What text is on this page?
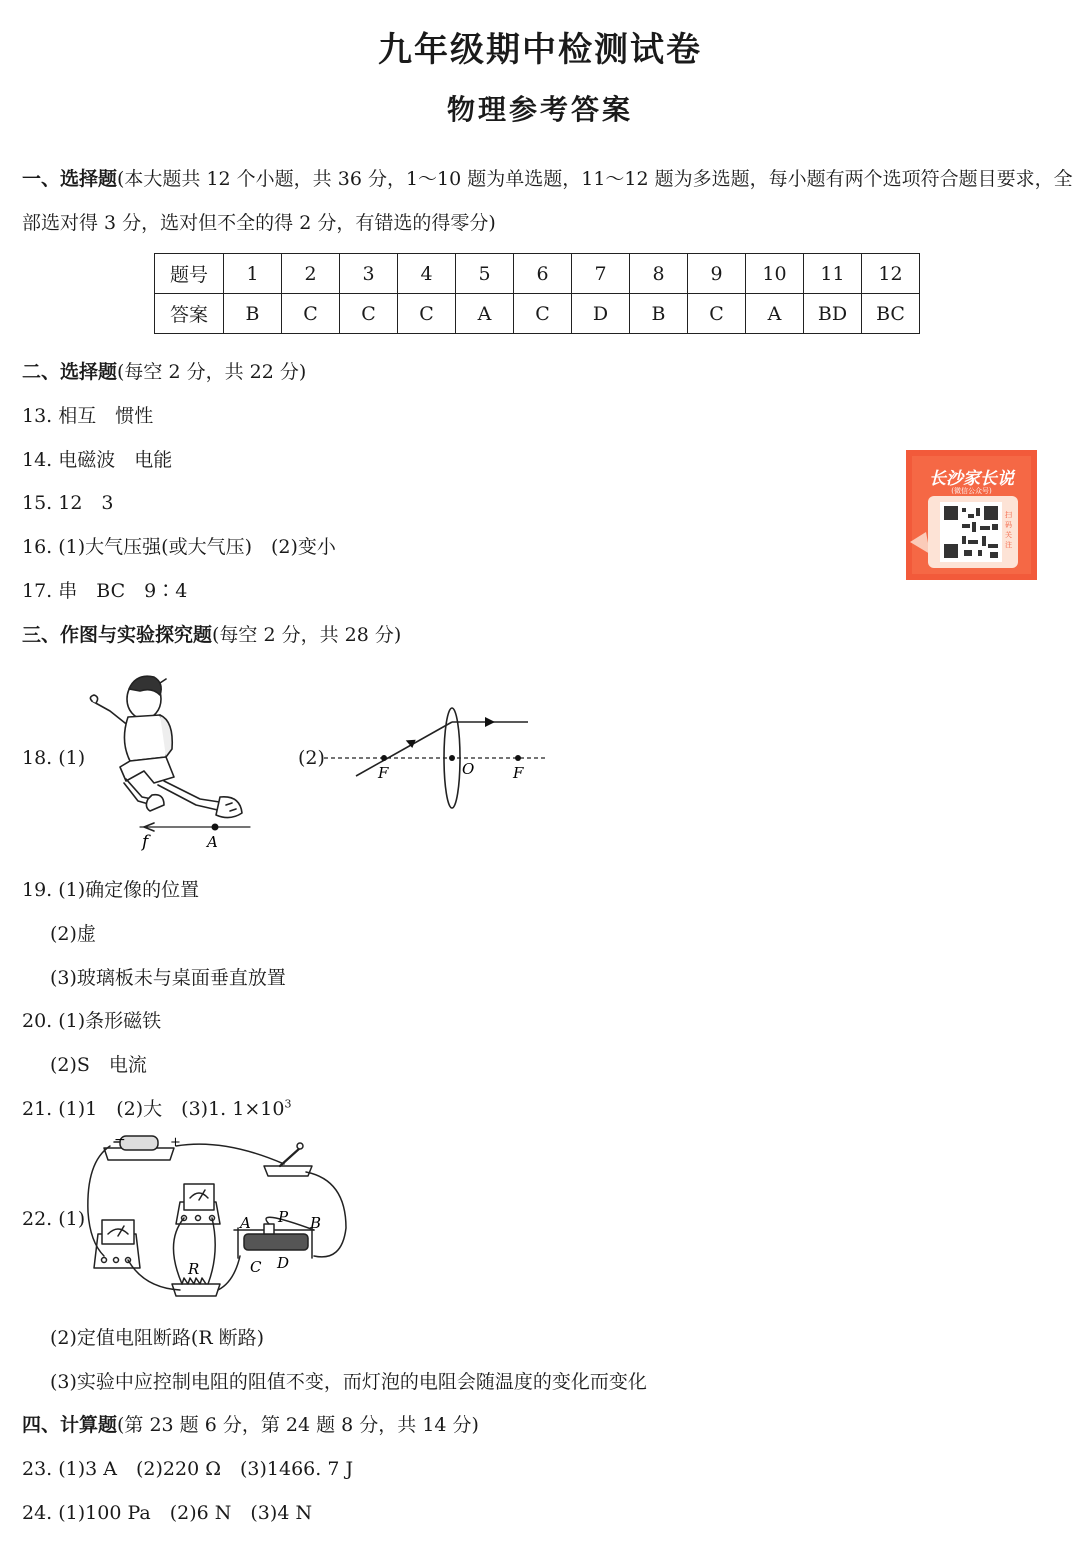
九年级期中检测试卷
物理参考答案
一、选择题(本大题共 12 个小题，共 36 分，1～10 题为单选题，11～12 题为多选题，每小题有两个选项符合题目要求，全
部选对得 3 分，选对但不全的得 2 分，有错选的得零分)
题号	1	2	3	4	5	6	7	8	9	10	11	12
答案	B	C	C	C	A	C	D	B	C	A	BD	BC
二、选择题(每空 2 分，共 22 分)
13. 相互　惯性
14. 电磁波　电能
15. 12　3
16. (1)大气压强(或大气压)　(2)变小
17. 串　BC　9∶4
长沙家长说
(微信公众号)
扫码关注
三、作图与实验探究题(每空 2 分，共 28 分)
18. (1)
f	A
(2)
F	O	F
19. (1)确定像的位置
(2)虚
(3)玻璃板未与桌面垂直放置
20. (1)条形磁铁
(2)S　电流
21. (1)1　(2)大　(3)1. $1\times 10^3$
22. (1)
−	+
A P B
C D
R
(2)定值电阻断路(R 断路)
(3)实验中应控制电阻的阻值不变，而灯泡的电阻会随温度的变化而变化
四、计算题(第 23 题 6 分，第 24 题 8 分，共 14 分)
23. (1)3 A　(2)220 Ω　(3)1466. 7 J
24. (1)100 Pa　(2)6 N　(3)4 N
